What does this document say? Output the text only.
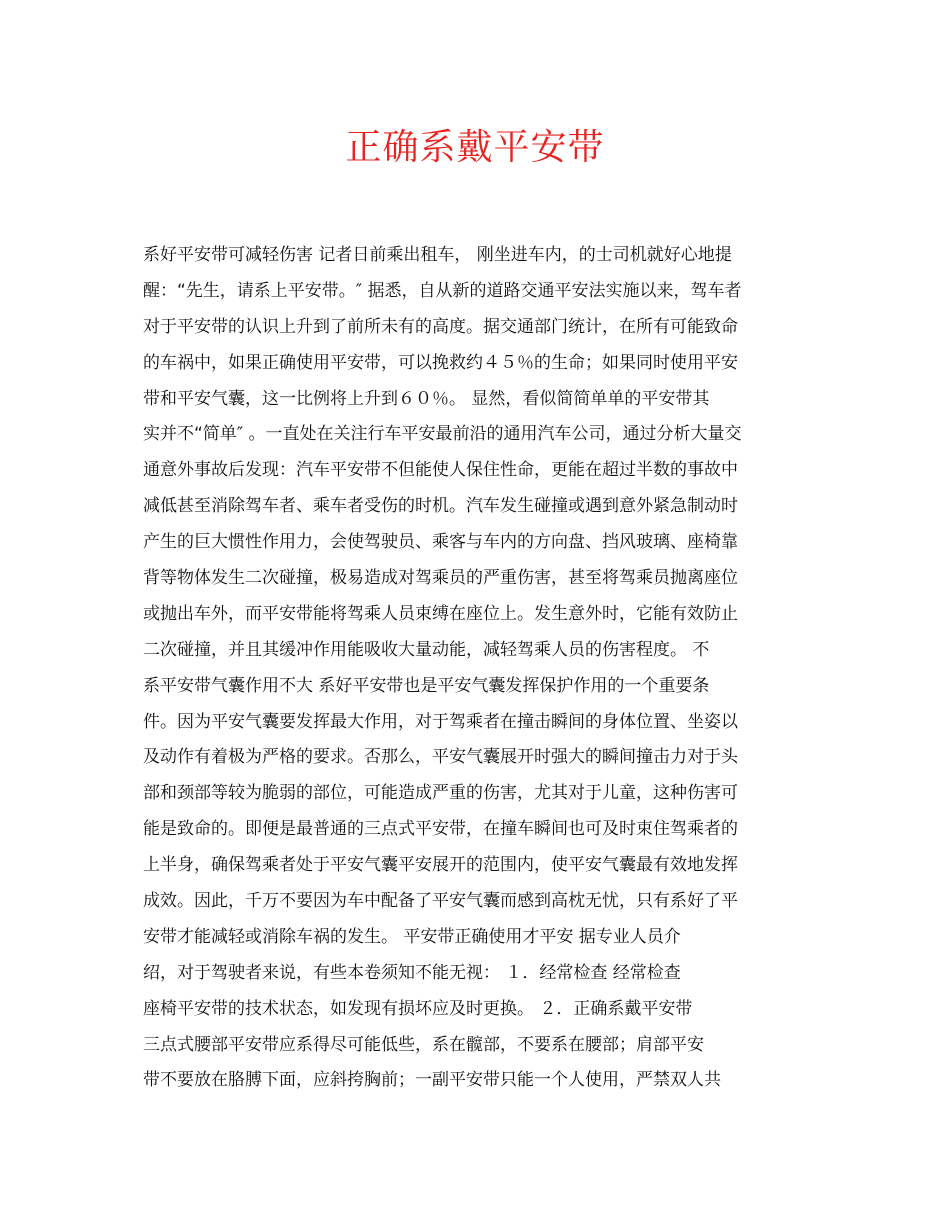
正确系戴平安带
系好平安带可减轻伤害 记者日前乘出租车， 刚坐进车内，的士司机就好心地提
醒：“先生，请系上平安带。″ 据悉，自从新的道路交通平安法实施以来，驾车者
对于平安带的认识上升到了前所未有的高度。据交通部门统计，在所有可能致命
的车祸中，如果正确使用平安带，可以挽救约４５％的生命；如果同时使用平安
带和平安气囊，这一比例将上升到６０％。 显然，看似简简单单的平安带其
实并不“简单″ 。一直处在关注行车平安最前沿的通用汽车公司，通过分析大量交
通意外事故后发现：汽车平安带不但能使人保住性命，更能在超过半数的事故中
减低甚至消除驾车者、乘车者受伤的时机。汽车发生碰撞或遇到意外紧急制动时
产生的巨大惯性作用力，会使驾驶员、乘客与车内的方向盘、挡风玻璃、座椅靠
背等物体发生二次碰撞，极易造成对驾乘员的严重伤害，甚至将驾乘员抛离座位
或抛出车外，而平安带能将驾乘人员束缚在座位上。发生意外时，它能有效防止
二次碰撞，并且其缓冲作用能吸收大量动能，减轻驾乘人员的伤害程度。 不
系平安带气囊作用不大 系好平安带也是平安气囊发挥保护作用的一个重要条
件。因为平安气囊要发挥最大作用，对于驾乘者在撞击瞬间的身体位置、坐姿以
及动作有着极为严格的要求。否那么，平安气囊展开时强大的瞬间撞击力对于头
部和颈部等较为脆弱的部位，可能造成严重的伤害，尤其对于儿童，这种伤害可
能是致命的。即便是最普通的三点式平安带，在撞车瞬间也可及时束住驾乘者的
上半身，确保驾乘者处于平安气囊平安展开的范围内，使平安气囊最有效地发挥
成效。因此，千万不要因为车中配备了平安气囊而感到高枕无忧，只有系好了平
安带才能减轻或消除车祸的发生。 平安带正确使用才平安 据专业人员介
绍，对于驾驶者来说，有些本卷须知不能无视： １．经常检查 经常检查
座椅平安带的技术状态，如发现有损坏应及时更换。 ２．正确系戴平安带
三点式腰部平安带应系得尽可能低些，系在髋部，不要系在腰部；肩部平安
带不要放在胳膊下面，应斜挎胸前；一副平安带只能一个人使用，严禁双人共
